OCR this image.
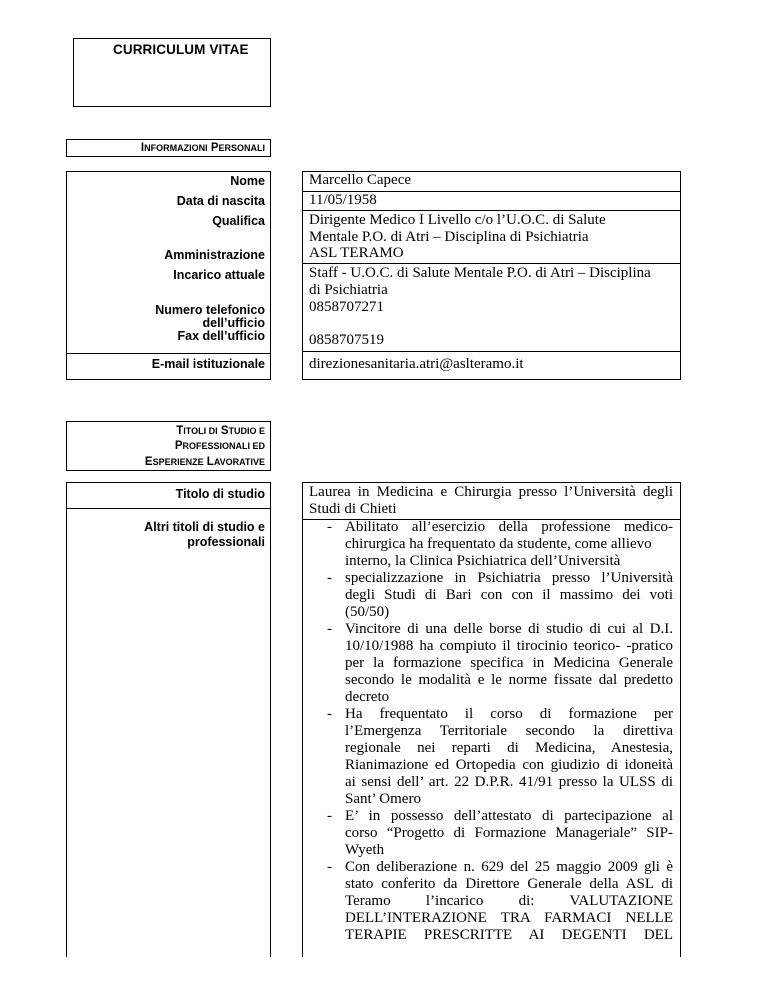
CURRICULUM VITAE
INFORMAZIONI PERSONALI
Nome
Data di nascita
Qualifica
Amministrazione
Incarico attuale
Numero telefonico
dell’ufficio
Fax dell’ufficio
E-mail istituzionale
Marcello Capece
11/05/1958
Dirigente Medico I Livello c/o l’U.O.C. di Salute
Mentale P.O. di Atri – Disciplina di Psichiatria
ASL TERAMO
Staff - U.O.C. di Salute Mentale P.O. di Atri – Disciplina
di Psichiatria
0858707271
0858707519
direzionesanitaria.atri@aslteramo.it
TITOLI DI STUDIO E
PROFESSIONALI ED
ESPERIENZE LAVORATIVE
Titolo di studio
Altri titoli di studio e
professionali
Laurea in Medicina e Chirurgia presso l’Università degli
Studi di Chieti
- Abilitato all’esercizio della professione medico-
chirurgica ha frequentato da studente, come allievo
interno, la Clinica Psichiatrica dell’Università
- specializzazione in Psichiatria presso l’Università
degli Studi di Bari con con il massimo dei voti
(50/50)
- Vincitore di una delle borse di studio di cui al D.I.
10/10/1988 ha compiuto il tirocinio teorico- -pratico
per la formazione specifica in Medicina Generale
secondo le modalità e le norme fissate dal predetto
decreto
- Ha frequentato il corso di formazione per
l’Emergenza Territoriale secondo la direttiva
regionale nei reparti di Medicina, Anestesia,
Rianimazione ed Ortopedia con giudizio di idoneità
ai sensi dell’ art. 22 D.P.R. 41/91 presso la ULSS di
Sant’ Omero
- E’ in possesso dell’attestato di partecipazione al
corso “Progetto di Formazione Manageriale” SIP-
Wyeth
- Con deliberazione n. 629 del 25 maggio 2009 gli è
stato conferito da Direttore Generale della ASL di
Teramo l’incarico di: VALUTAZIONE
DELL’INTERAZIONE TRA FARMACI NELLE
TERAPIE PRESCRITTE AI DEGENTI DEL
